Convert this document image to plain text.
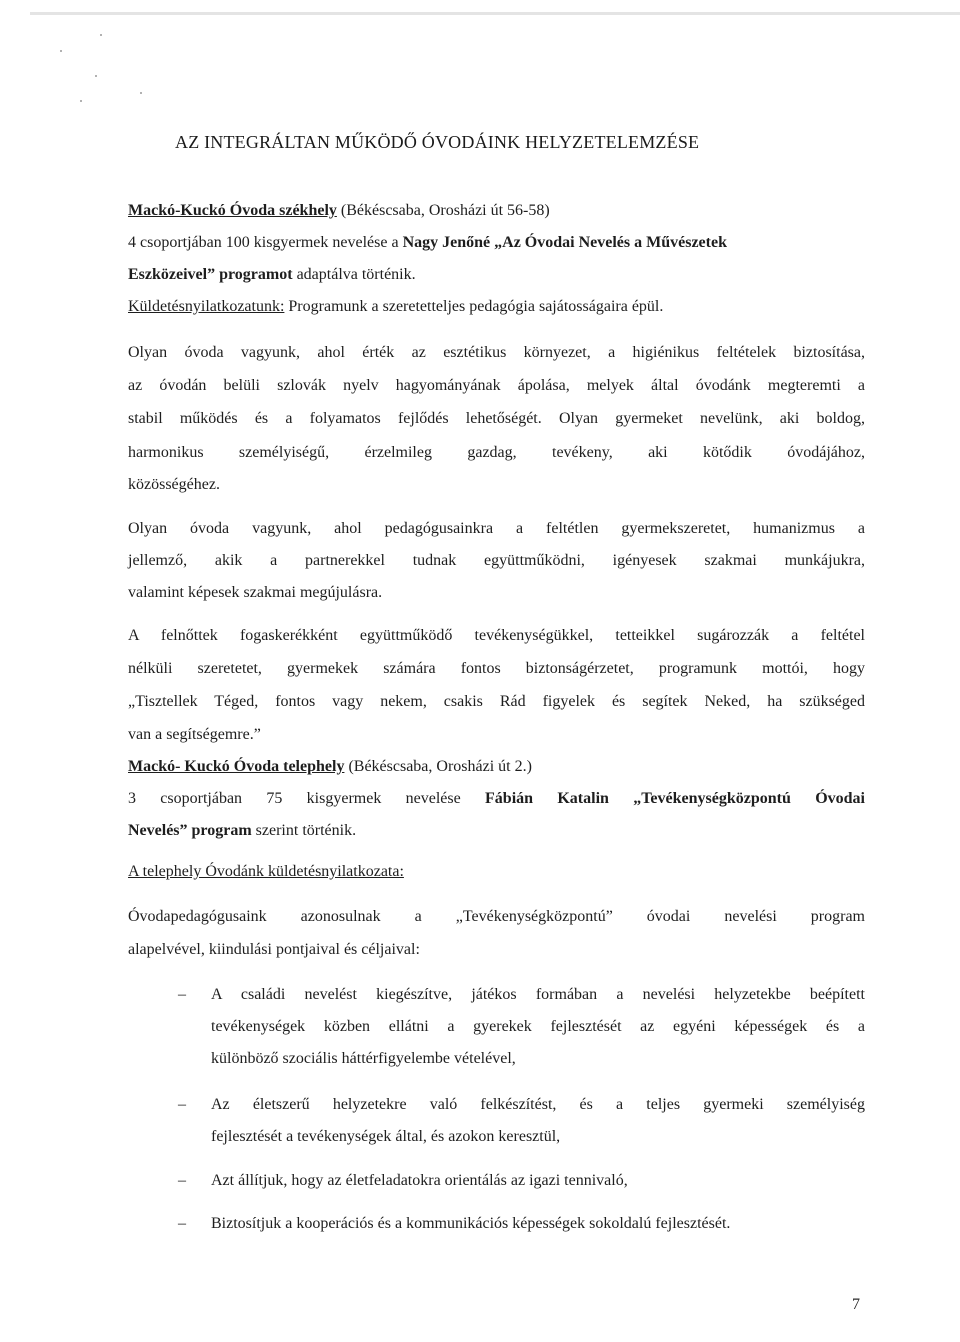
AZ INTEGRÁLTAN MŰKÖDŐ ÓVODÁINK HELYZETELEMZÉSE
Mackó-Kuckó Óvoda székhely (Békéscsaba, Orosházi út 56-58)
4 csoportjában 100 kisgyermek nevelése a Nagy Jenőné „Az Óvodai Nevelés a Művészetek
Eszközeivel” programot adaptálva történik.
Küldetésnyilatkozatunk: Programunk a szeretetteljes pedagógia sajátosságaira épül.
Olyan óvoda vagyunk, ahol érték az esztétikus környezet, a higiénikus feltételek biztosítása,
az óvodán belüli szlovák nyelv hagyományának ápolása, melyek által óvodánk megteremti a
stabil működés és a folyamatos fejlődés lehetőségét. Olyan gyermeket nevelünk, aki boldog,
harmonikus személyiségű, érzelmileg gazdag, tevékeny, aki kötődik óvodájához,
közösségéhez.
Olyan óvoda vagyunk, ahol pedagógusainkra a feltétlen gyermekszeretet, humanizmus a
jellemző, akik a partnerekkel tudnak együttműködni, igényesek szakmai munkájukra,
valamint képesek szakmai megújulásra.
A felnőttek fogaskerékként együttműködő tevékenységükkel, tetteikkel sugározzák a feltétel
nélküli szeretetet, gyermekek számára fontos biztonságérzetet, programunk mottói, hogy
„Tisztellek Téged, fontos vagy nekem, csakis Rád figyelek és segítek Neked, ha szükséged
van a segítségemre.”
Mackó- Kuckó Óvoda telephely (Békéscsaba, Orosházi út 2.)
3 csoportjában 75 kisgyermek nevelése Fábián Katalin „Tevékenységközpontú Óvodai
Nevelés” program szerint történik.
A telephely Óvodánk küldetésnyilatkozata:
Óvodapedagógusaink azonosulnak a „Tevékenységközpontú” óvodai nevelési program
alapelvével, kiindulási pontjaival és céljaival:
– A családi nevelést kiegészítve, játékos formában a nevelési helyzetekbe beépített
tevékenységek közben ellátni a gyerekek fejlesztését az egyéni képességek és a
különböző szociális háttérfigyelembe vételével,
– Az életszerű helyzetekre való felkészítést, és a teljes gyermeki személyiség
fejlesztését a tevékenységek által, és azokon keresztül,
– Azt állítjuk, hogy az életfeladatokra orientálás az igazi tennivaló,
– Biztosítjuk a kooperációs és a kommunikációs képességek sokoldalú fejlesztését.
7
